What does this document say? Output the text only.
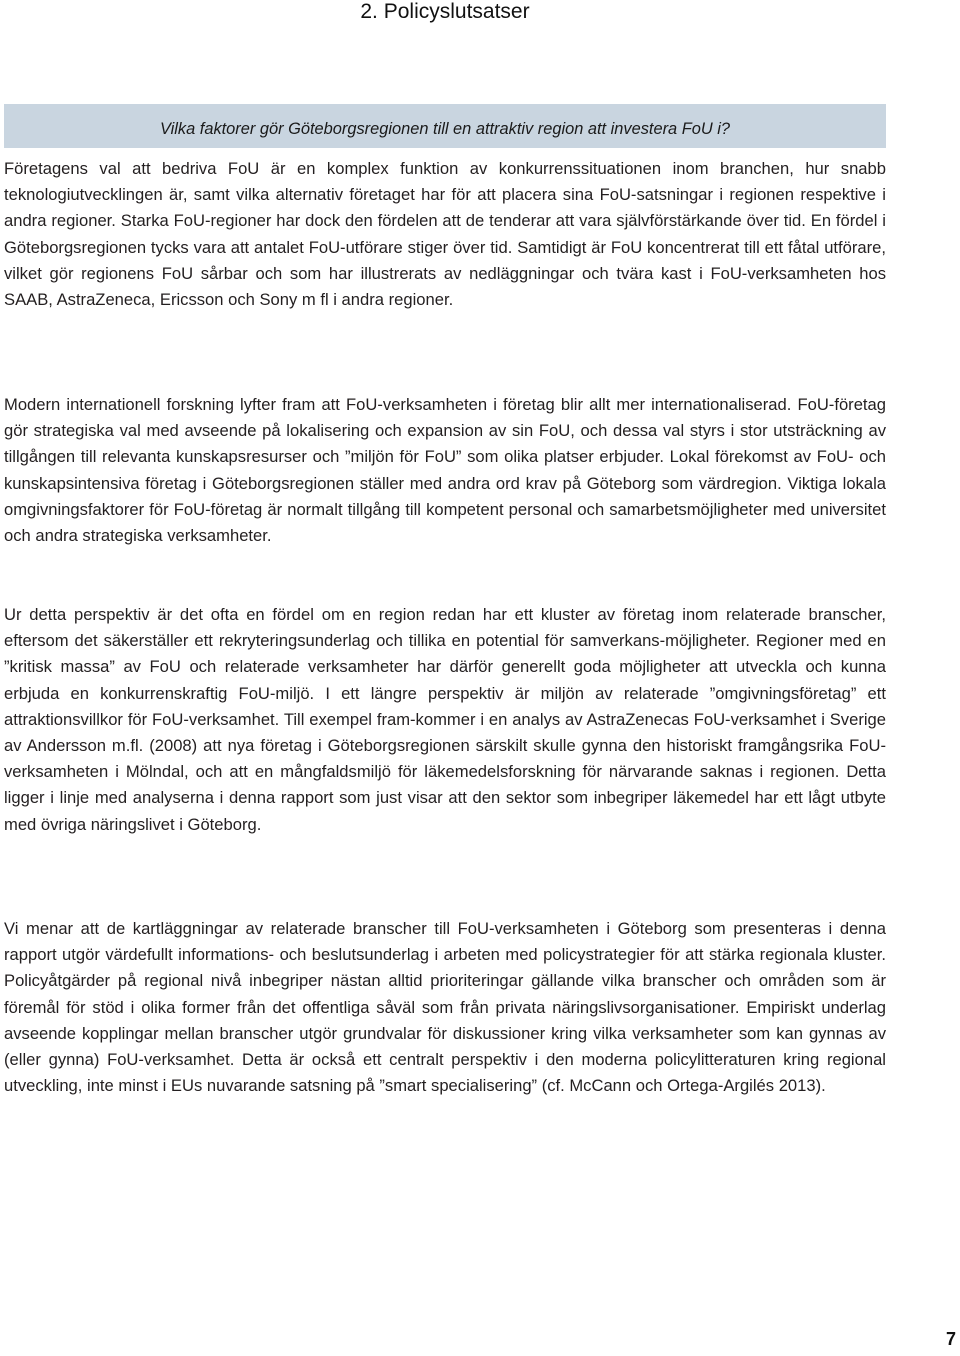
2. Policyslutsatser
Vilka faktorer gör Göteborgsregionen till en attraktiv region att investera FoU i?

Företagens val att bedriva FoU är en komplex funktion av konkurrenssituationen inom branchen, hur snabb teknologiutvecklingen är, samt vilka alternativ företaget har för att placera sina FoU-satsningar i regionen respektive i andra regioner. Starka FoU-regioner har dock den fördelen att de tenderar att vara självförstärkande över tid. En fördel i Göteborgsregionen tycks vara att antalet FoU-utförare stiger över tid. Samtidigt är FoU koncentrerat till ett fåtal utförare, vilket gör regionens FoU sårbar och som har illustrerats av nedläggningar och tvära kast i FoU-verksamheten hos SAAB, AstraZeneca, Ericsson och Sony m fl i andra regioner.

Modern internationell forskning lyfter fram att FoU-verksamheten i företag blir allt mer internationaliserad. FoU-företag gör strategiska val med avseende på lokalisering och expansion av sin FoU, och dessa val styrs i stor utsträckning av tillgången till relevanta kunskapsresurser och ”miljön för FoU” som olika platser erbjuder. Lokal förekomst av FoU- och kunskapsintensiva företag i Göteborgsregionen ställer med andra ord krav på Göteborg som värdregion. Viktiga lokala omgivningsfaktorer för FoU-företag är normalt tillgång till kompetent personal och samarbetsmöjligheter med universitet och andra strategiska verksamheter.

Ur detta perspektiv är det ofta en fördel om en region redan har ett kluster av företag inom relaterade branscher, eftersom det säkerställer ett rekryteringsunderlag och tillika en potential för samverkans-möjligheter. Regioner med en ”kritisk massa” av FoU och relaterade verksamheter har därför generellt goda möjligheter att utveckla och kunna erbjuda en konkurrenskraftig FoU-miljö. I ett längre perspektiv är miljön av relaterade ”omgivningsföretag” ett attraktionsvillkor för FoU-verksamhet. Till exempel fram-kommer i en analys av AstraZenecas FoU-verksamhet i Sverige av Andersson m.fl. (2008) att nya företag i Göteborgsregionen särskilt skulle gynna den historiskt framgångsrika FoU-verksamheten i Mölndal, och att en mångfaldsmiljö för läkemedelsforskning för närvarande saknas i regionen. Detta ligger i linje med analyserna i denna rapport som just visar att den sektor som inbegriper läkemedel har ett lågt utbyte med övriga näringslivet i Göteborg.

Vi menar att de kartläggningar av relaterade branscher till FoU-verksamheten i Göteborg som presenteras i denna rapport utgör värdefullt informations- och beslutsunderlag i arbeten med policystrategier för att stärka regionala kluster. Policyåtgärder på regional nivå inbegriper nästan alltid prioriteringar gällande vilka branscher och områden som är föremål för stöd i olika former från det offentliga såväl som från privata näringslivsorganisationer. Empiriskt underlag avseende kopplingar mellan branscher utgör grundvalar för diskussioner kring vilka verksamheter som kan gynnas av (eller gynna) FoU-verksamhet. Detta är också ett centralt perspektiv i den moderna policylitteraturen kring regional utveckling, inte minst i EUs nuvarande satsning på ”smart specialisering” (cf. McCann och Ortega-Argilés 2013).

7
